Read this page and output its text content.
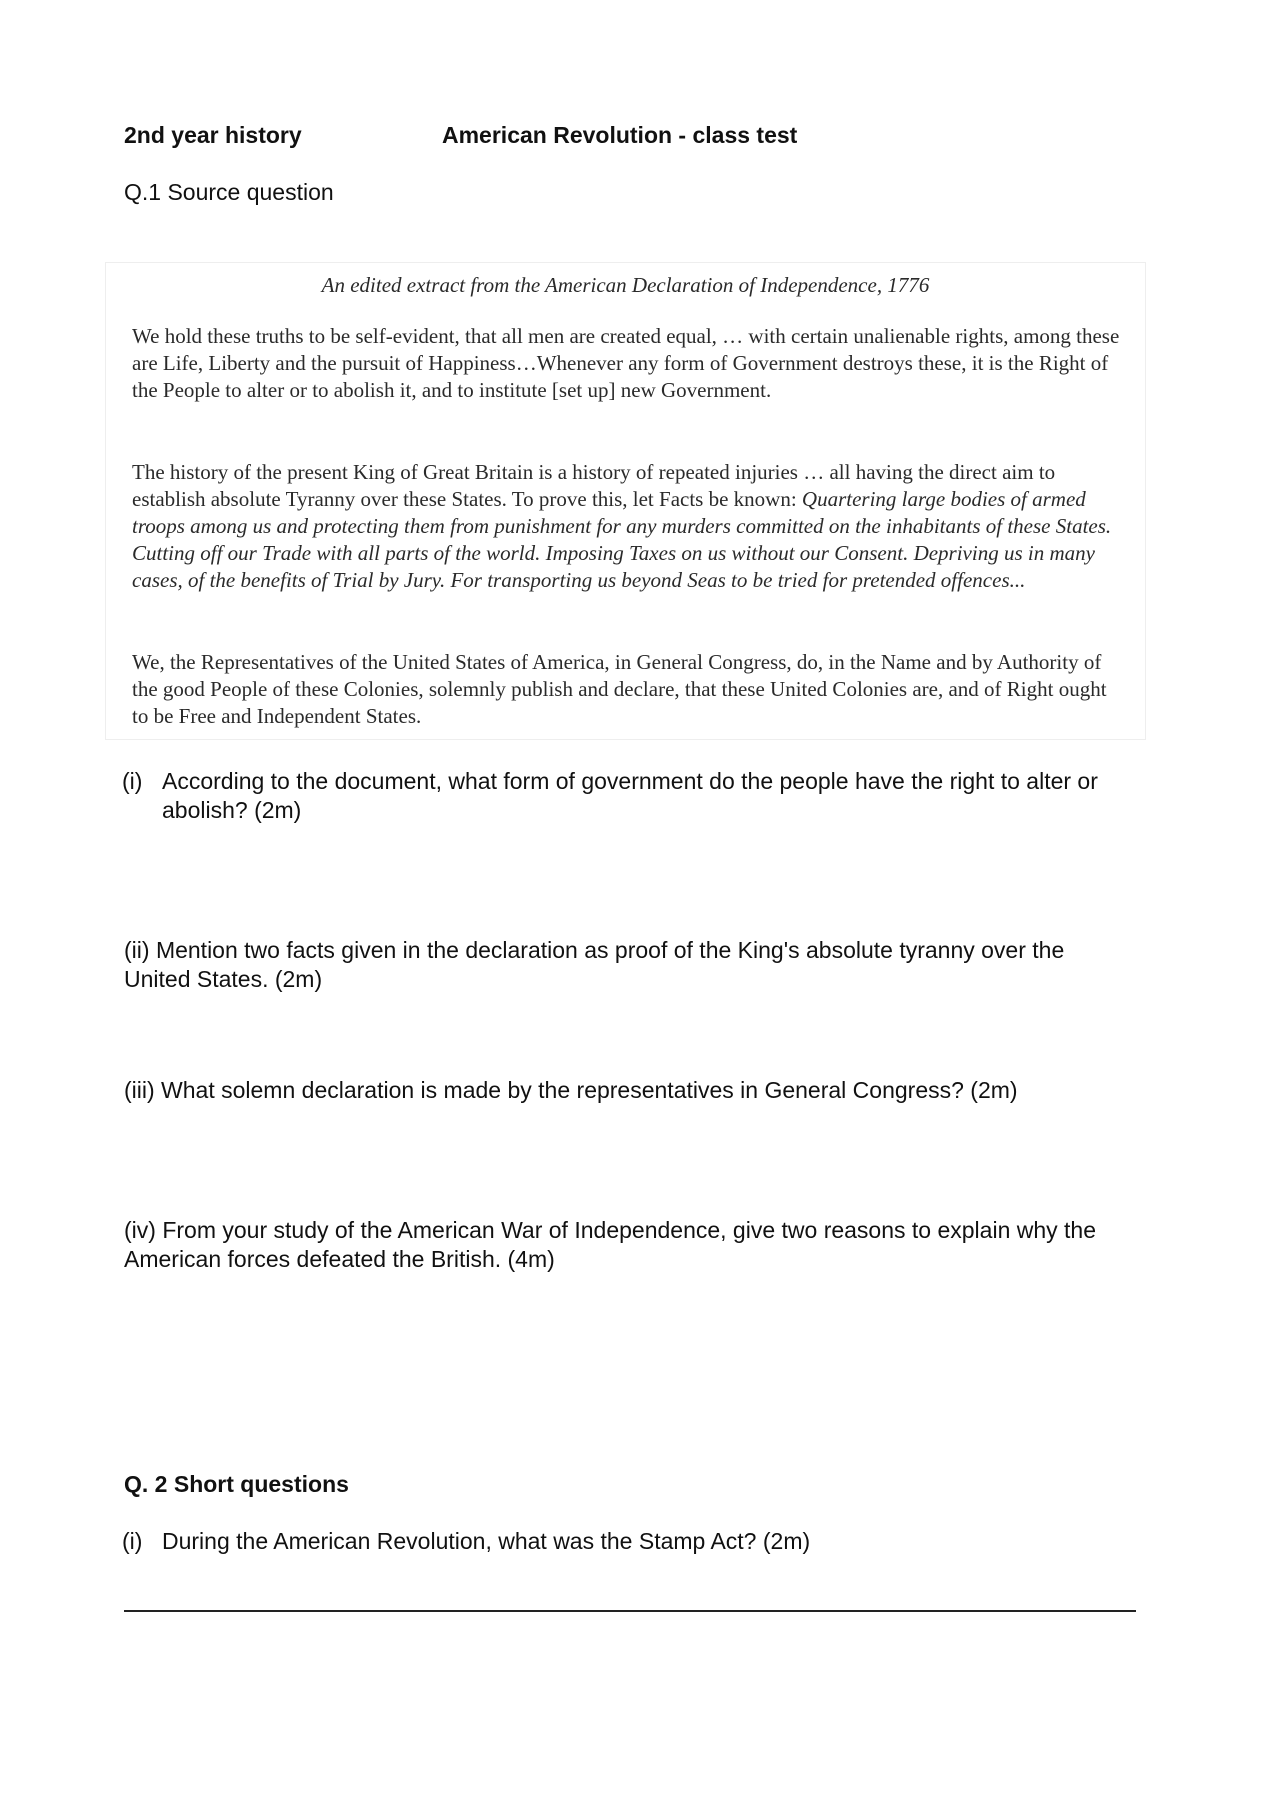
2nd year history	American Revolution - class test
Q.1 Source question
An edited extract from the American Declaration of Independence, 1776

We hold these truths to be self-evident, that all men are created equal, … with certain unalienable rights, among these are Life, Liberty and the pursuit of Happiness…Whenever any form of Government destroys these, it is the Right of the People to alter or to abolish it, and to institute [set up] new Government.

The history of the present King of Great Britain is a history of repeated injuries … all having the direct aim to establish absolute Tyranny over these States. To prove this, let Facts be known: Quartering large bodies of armed troops among us and protecting them from punishment for any murders committed on the inhabitants of these States. Cutting off our Trade with all parts of the world. Imposing Taxes on us without our Consent. Depriving us in many cases, of the benefits of Trial by Jury. For transporting us beyond Seas to be tried for pretended offences...

We, the Representatives of the United States of America, in General Congress, do, in the Name and by Authority of the good People of these Colonies, solemnly publish and declare, that these United Colonies are, and of Right ought to be Free and Independent States.

(i) According to the document, what form of government do the people have the right to alter or abolish? (2m)
(ii) Mention two facts given in the declaration as proof of the King's absolute tyranny over the United States. (2m)
(iii) What solemn declaration is made by the representatives in General Congress? (2m)
(iv) From your study of the American War of Independence, give two reasons to explain why the American forces defeated the British. (4m)
Q. 2 Short questions
(i) During the American Revolution, what was the Stamp Act? (2m)
